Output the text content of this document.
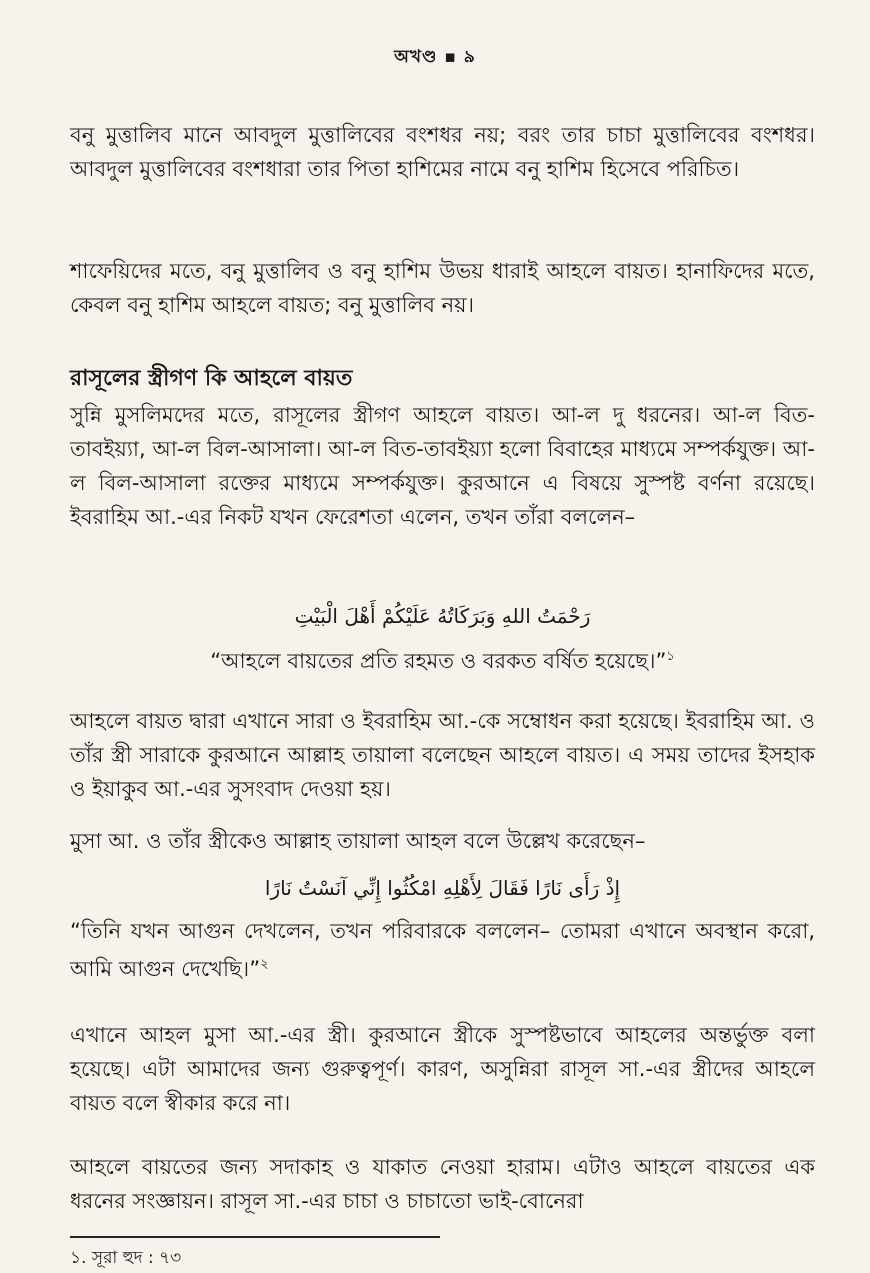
অখণ্ড ▪ ৯

বনু মুত্তালিব মানে আবদুল মুত্তালিবের বংশধর নয়; বরং তার চাচা মুত্তালিবের বংশধর। আবদুল মুত্তালিবের বংশধারা তার পিতা হাশিমের নামে বনু হাশিম হিসেবে পরিচিত।

শাফেয়িদের মতে, বনু মুত্তালিব ও বনু হাশিম উভয় ধারাই আহলে বায়ত। হানাফিদের মতে, কেবল বনু হাশিম আহলে বায়ত; বনু মুত্তালিব নয়।

রাসূলের স্ত্রীগণ কি আহলে বায়ত

সুন্নি মুসলিমদের মতে, রাসূলের স্ত্রীগণ আহলে বায়ত। আ-ল দু ধরনের। আ-ল বিত-তাবইয়্যা, আ-ল বিল-আসালা। আ-ল বিত-তাবইয়্যা হলো বিবাহের মাধ্যমে সম্পর্কযুক্ত। আ-ল বিল-আসালা রক্তের মাধ্যমে সম্পর্কযুক্ত। কুরআনে এ বিষয়ে সুস্পষ্ট বর্ণনা রয়েছে। ইবরাহিম আ.-এর নিকট যখন ফেরেশতা এলেন, তখন তাঁরা বললেন–

رَحْمَتُ اللهِ وَبَرَكَاتُهُ عَلَيْكُمْ أَهْلَ الْبَيْتِ

“আহলে বায়তের প্রতি রহমত ও বরকত বর্ষিত হয়েছে।”$^১$

আহলে বায়ত দ্বারা এখানে সারা ও ইবরাহিম আ.-কে সম্বোধন করা হয়েছে। ইবরাহিম আ. ও তাঁর স্ত্রী সারাকে কুরআনে আল্লাহ তায়ালা বলেছেন আহলে বায়ত। এ সময় তাদের ইসহাক ও ইয়াকুব আ.-এর সুসংবাদ দেওয়া হয়।

মুসা আ. ও তাঁর স্ত্রীকেও আল্লাহ তায়ালা আহল বলে উল্লেখ করেছেন–

إِذْ رَأَى نَارًا فَقَالَ لِأَهْلِهِ امْكُثُوا إِنِّي آنَسْتُ نَارًا

“তিনি যখন আগুন দেখলেন, তখন পরিবারকে বললেন– তোমরা এখানে অবস্থান করো, আমি আগুন দেখেছি।”$^২$

এখানে আহল মুসা আ.-এর স্ত্রী। কুরআনে স্ত্রীকে সুস্পষ্টভাবে আহলের অন্তর্ভুক্ত বলা হয়েছে। এটা আমাদের জন্য গুরুত্বপূর্ণ। কারণ, অসুন্নিরা রাসূল সা.-এর স্ত্রীদের আহলে বায়ত বলে স্বীকার করে না।

আহলে বায়তের জন্য সদাকাহ ও যাকাত নেওয়া হারাম। এটাও আহলে বায়তের এক ধরনের সংজ্ঞায়ন। রাসূল সা.-এর চাচা ও চাচাতো ভাই-বোনেরা

১. সূরা হুদ : ৭৩
